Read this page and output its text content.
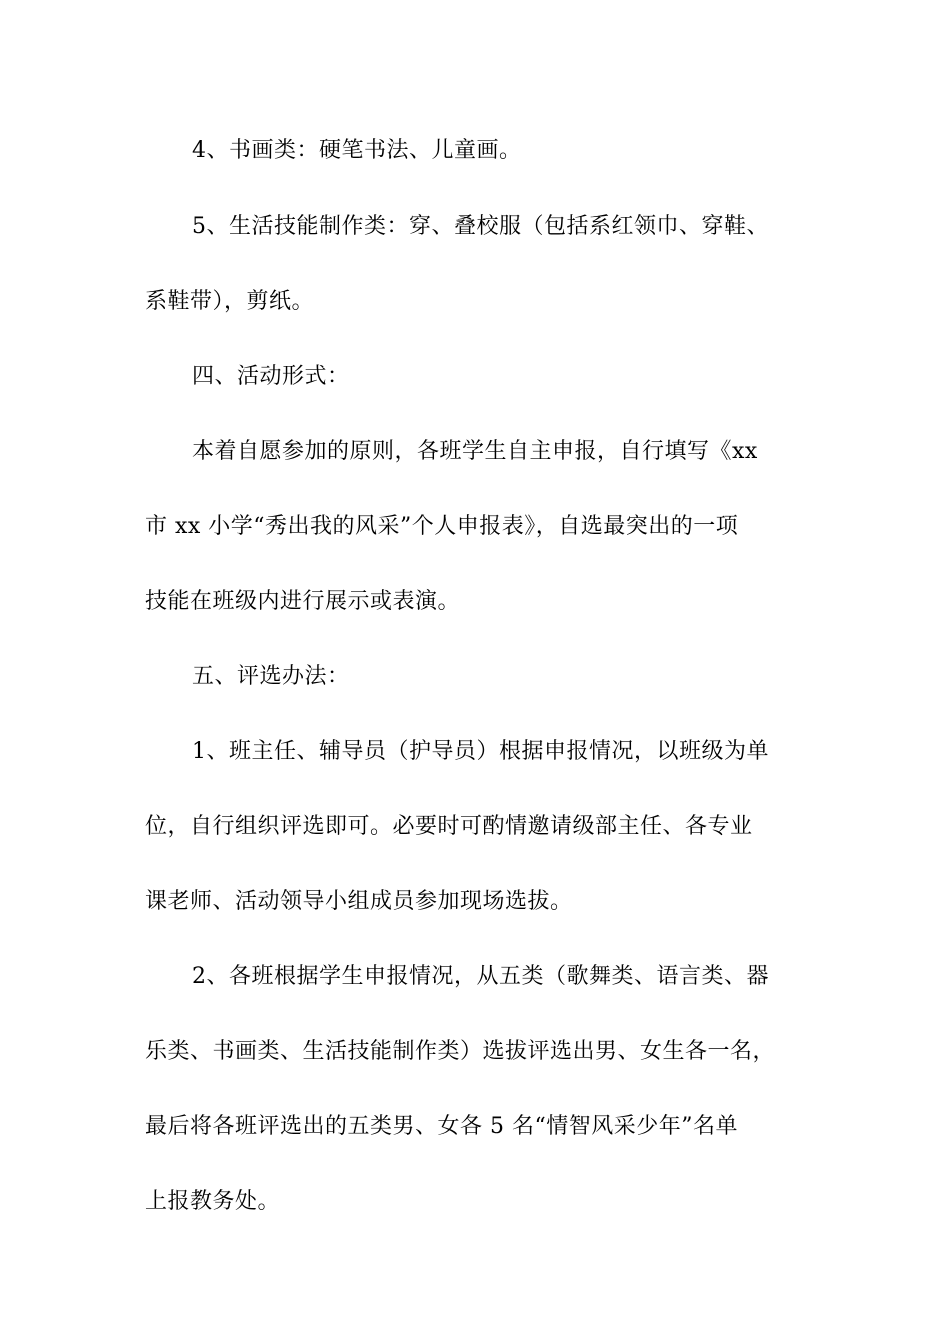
4、书画类：硬笔书法、儿童画。
5、生活技能制作类：穿、叠校服（包括系红领巾、穿鞋、
系鞋带），剪纸。
四、活动形式：
本着自愿参加的原则，各班学生自主申报，自行填写《xx
市 xx 小学“秀出我的风采”个人申报表》，自选最突出的一项
技能在班级内进行展示或表演。
五、评选办法：
1、班主任、辅导员（护导员）根据申报情况，以班级为单
位，自行组织评选即可。必要时可酌情邀请级部主任、各专业
课老师、活动领导小组成员参加现场选拔。
2、各班根据学生申报情况，从五类（歌舞类、语言类、器
乐类、书画类、生活技能制作类）选拔评选出男、女生各一名，
最后将各班评选出的五类男、女各 5 名“情智风采少年”名单
上报教务处。
